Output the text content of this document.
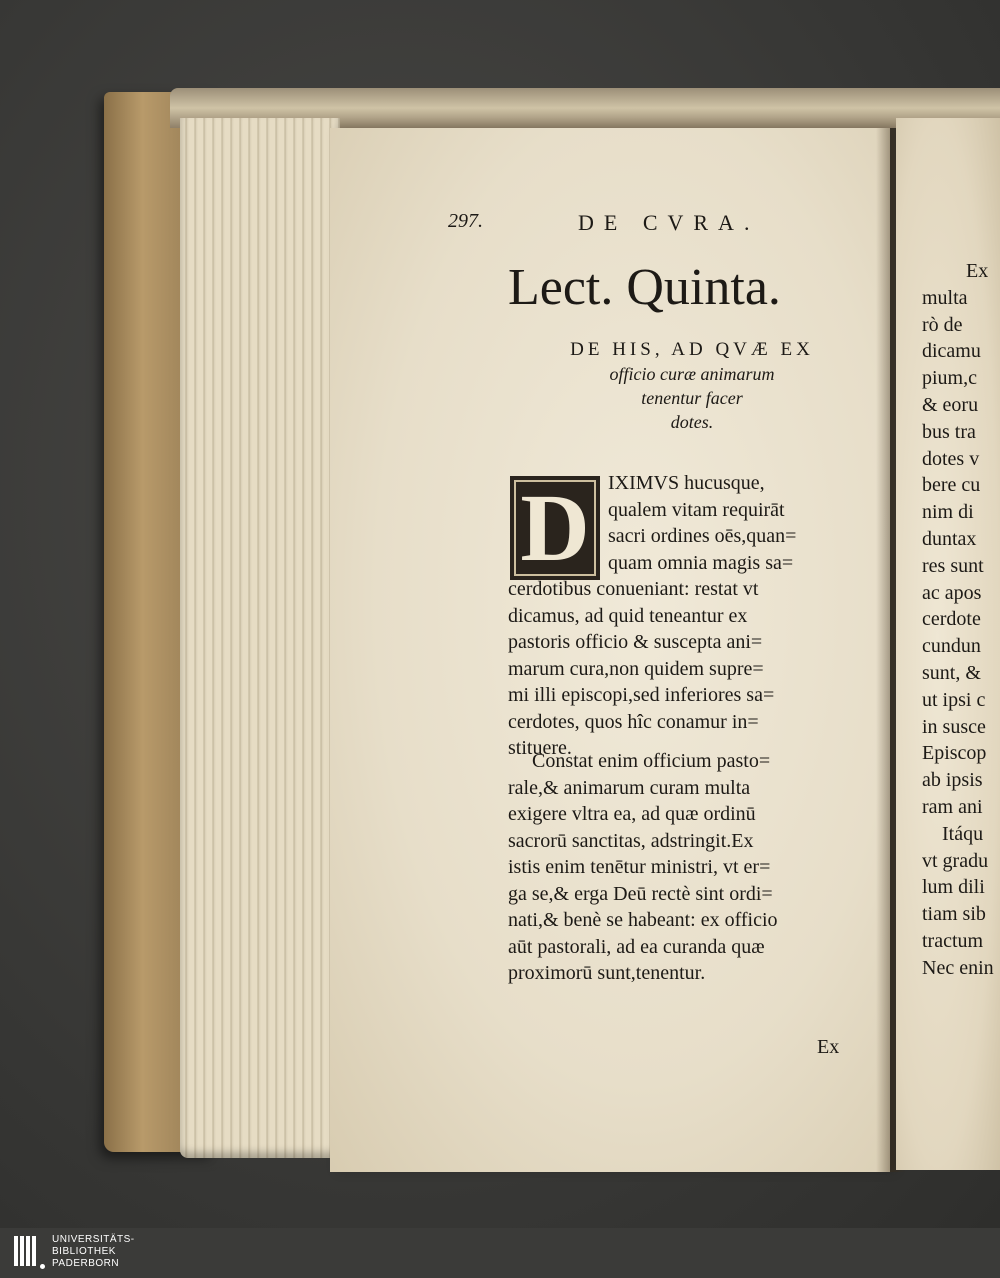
297.	DE CVRA.
Lect. Quinta.
DE HIS, AD QVÆ EX
officio curæ animarum
tenentur facer
dotes.
D IXIMVS hucusque,
qualem vitam requirāt
sacri ordines oēs,quan=
quam omnia magis sa=
cerdotibus conueniant: restat vt
dicamus, ad quid teneantur ex
pastoris officio & suscepta ani=
marum cura,non quidem supre=
mi illi episcopi,sed inferiores sa=
cerdotes, quos hîc conamur in=
stituere.
Constat enim officium pasto=
rale,& animarum curam multa
exigere vltra ea, ad quæ ordinū
sacrorū sanctitas, adstringit.Ex
istis enim tenētur ministri, vt er=
ga se,& erga Deū rectè sint ordi=
nati,& benè se habeant: ex officio
aūt pastorali, ad ea curanda quæ
proximorū sunt,tenentur.
Ex
Ex
multa
rò de
dicamu
pium,c
& eoru
bus tra
dotes v
bere cu
nim di
duntax
res sunt
ac apos
cerdote
cundun
sunt, &
ut ipsi c
in susce
Episcop
ab ipsis
ram ani
Itáqu
vt gradu
lum dili
tiam sib
tractum
Nec enin
UNIVERSITÄTS-
BIBLIOTHEK
PADERBORN
